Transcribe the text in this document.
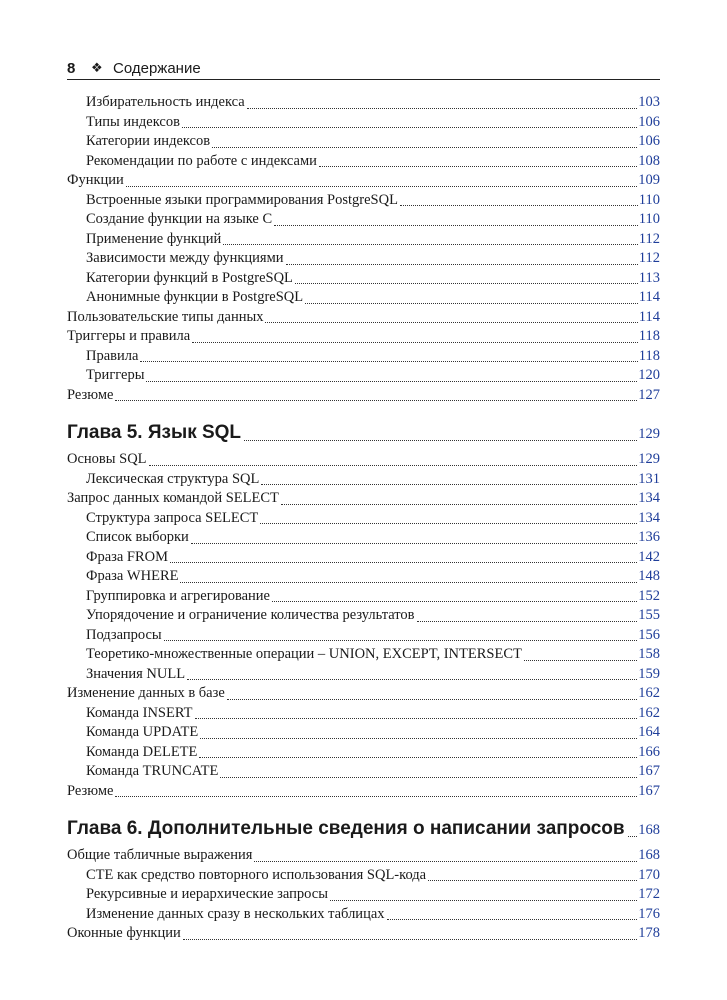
8	❖ Содержание
Избирательность индекса	103
Типы индексов	106
Категории индексов	106
Рекомендации по работе с индексами	108
Функции	109
Встроенные языки программирования PostgreSQL	110
Создание функции на языке C	110
Применение функций	112
Зависимости между функциями	112
Категории функций в PostgreSQL	113
Анонимные функции в PostgreSQL	114
Пользовательские типы данных	114
Триггеры и правила	118
Правила	118
Триггеры	120
Резюме	127
Глава 5. Язык SQL	129
Основы SQL	129
Лексическая структура SQL	131
Запрос данных командой SELECT	134
Структура запроса SELECT	134
Список выборки	136
Фраза FROM	142
Фраза WHERE	148
Группировка и агрегирование	152
Упорядочение и ограничение количества результатов	155
Подзапросы	156
Теоретико-множественные операции – UNION, EXCEPT, INTERSECT	158
Значения NULL	159
Изменение данных в базе	162
Команда INSERT	162
Команда UPDATE	164
Команда DELETE	166
Команда TRUNCATE	167
Резюме	167
Глава 6. Дополнительные сведения о написании запросов 168
Общие табличные выражения	168
CTE как средство повторного использования SQL-кода	170
Рекурсивные и иерархические запросы	172
Изменение данных сразу в нескольких таблицах	176
Оконные функции	178
